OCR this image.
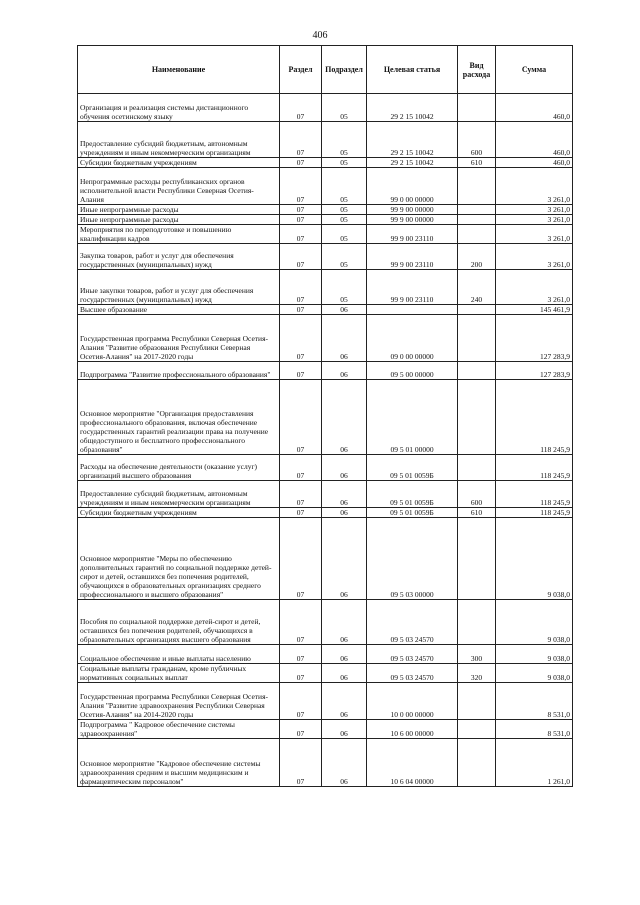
406
Наименование	Раздел	Подраздел	Целевая статья	Вид расхода	Сумма
Организация и реализация системы дистанционного обучения осетинскому языку	07	05	29 2 15 10042		460,0
Предоставление субсидий бюджетным, автономным учреждениям и иным некоммерческим организациям	07	05	29 2 15 10042	600	460,0
Субсидии бюджетным учреждениям	07	05	29 2 15 10042	610	460,0
Непрограммные расходы республиканских органов исполнительной власти Республики Северная Осетия-Алания	07	05	99 0 00 00000		3 261,0
Иные непрограммные расходы	07	05	99 9 00 00000		3 261,0
Иные непрограммные расходы	07	05	99 9 00 00000		3 261,0
Мероприятия по переподготовке и повышению квалификации кадров	07	05	99 9 00 23110		3 261,0
Закупка товаров, работ и услуг для обеспечения государственных (муниципальных) нужд	07	05	99 9 00 23110	200	3 261,0
Иные закупки товаров, работ и услуг для обеспечения государственных (муниципальных) нужд	07	05	99 9 00 23110	240	3 261,0
Высшее образование	07	06			145 461,9
Государственная программа Республики Северная Осетия-Алания "Развитие образования Республики Северная Осетия-Алания" на 2017-2020 годы	07	06	09 0 00 00000		127 283,9
Подпрограмма "Развитие профессионального образования"	07	06	09 5 00 00000		127 283,9
Основное мероприятие "Организация предоставления профессионального образования, включая обеспечение государственных гарантий реализации права на получение общедоступного и бесплатного профессионального образования"	07	06	09 5 01 00000		118 245,9
Расходы на обеспечение деятельности (оказание услуг) организаций высшего образования	07	06	09 5 01 0059Б		118 245,9
Предоставление субсидий бюджетным, автономным учреждениям и иным некоммерческим организациям	07	06	09 5 01 0059Б	600	118 245,9
Субсидии бюджетным учреждениям	07	06	09 5 01 0059Б	610	118 245,9
Основное мероприятие "Меры по обеспечению дополнительных гарантий по социальной поддержке детей-сирот и детей, оставшихся без попечения родителей, обучающихся в образовательных организациях среднего профессионального и высшего образования"	07	06	09 5 03 00000		9 038,0
Пособия по социальной поддержке детей-сирот и детей, оставшихся без попечения родителей, обучающихся в образовательных организациях высшего образования	07	06	09 5 03 24570		9 038,0
Социальное обеспечение и иные выплаты населению	07	06	09 5 03 24570	300	9 038,0
Социальные выплаты гражданам, кроме публичных нормативных социальных выплат	07	06	09 5 03 24570	320	9 038,0
Государственная программа Республики Северная Осетия-Алания "Развитие здравоохранения Республики Северная Осетия-Алания" на 2014-2020 годы	07	06	10 0 00 00000		8 531,0
Подпрограмма " Кадровое обеспечение системы здравоохранения"	07	06	10 6 00 00000		8 531,0
Основное мероприятие "Кадровое обеспечение системы здравоохранения средним и высшим медицинским и фармацевтическим персоналом"	07	06	10 6 04 00000		1 261,0
